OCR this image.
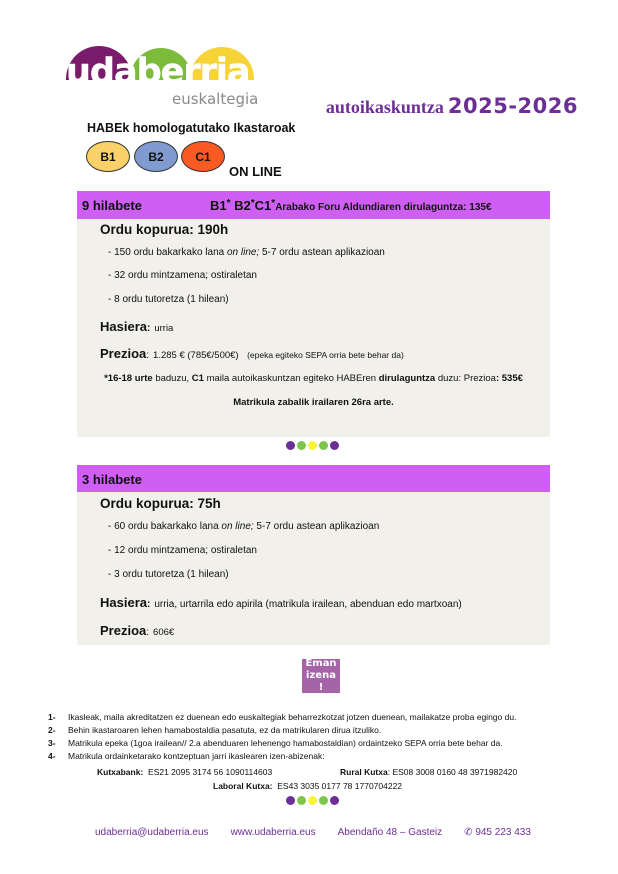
udaberria
euskaltegia	autoikaskuntza 2025-2026
HABEk homologatutako Ikastaroak
B1	B2	C1
ON LINE
9 hilabete	B1* B2*C1*Arabako Foru Aldundiaren dirulaguntza: 135€
Ordu kopurua: 190h
- 150 ordu bakarkako lana on line; 5-7 ordu astean aplikazioan
- 32 ordu mintzamena; ostiraletan
- 8 ordu tutoretza (1 hilean)
Hasiera: urria
Prezioa: 1.285 € (785€/500€) (epeka egiteko SEPA orria bete behar da)
*16-18 urte baduzu, C1 maila autoikaskuntzan egiteko HABEren dirulaguntza duzu: Prezioa: 535€
Matrikula zabalik irailaren 26ra arte.
3 hilabete
Ordu kopurua: 75h
- 60 ordu bakarkako lana on line; 5-7 ordu astean aplikazioan
- 12 ordu mintzamena; ostiraletan
- 3 ordu tutoretza (1 hilean)
Hasiera: urria, urtarrila edo apirila (matrikula irailean, abenduan edo martxoan)
Prezioa: 606€
Eman
izena
!
1-	Ikasleak, maila akreditatzen ez duenean edo euskaltegiak beharrezkotzat jotzen duenean, mailakatze proba egingo du.
2-	Behin ikastaroaren lehen hamabostaldia pasatuta, ez da matrikularen dirua itzuliko.
3-	Matrikula epeka (1goa irailean// 2.a abenduaren lehenengo hamabostaldian) ordaintzeko SEPA orria bete behar da.
4-	Matrikula ordainketarako kontzeptuan jarri ikaslearen izen-abizenak:
Kutxabank: ES21 2095 3174 56 1090114603	Rural Kutxa: ES08 3008 0160 48 3971982420
Laboral Kutxa: ES43 3035 0177 78 1770704222
udaberria@udaberria.eus www.udaberria.eus Abendaño 48 – Gasteiz ✆ 945 223 433
